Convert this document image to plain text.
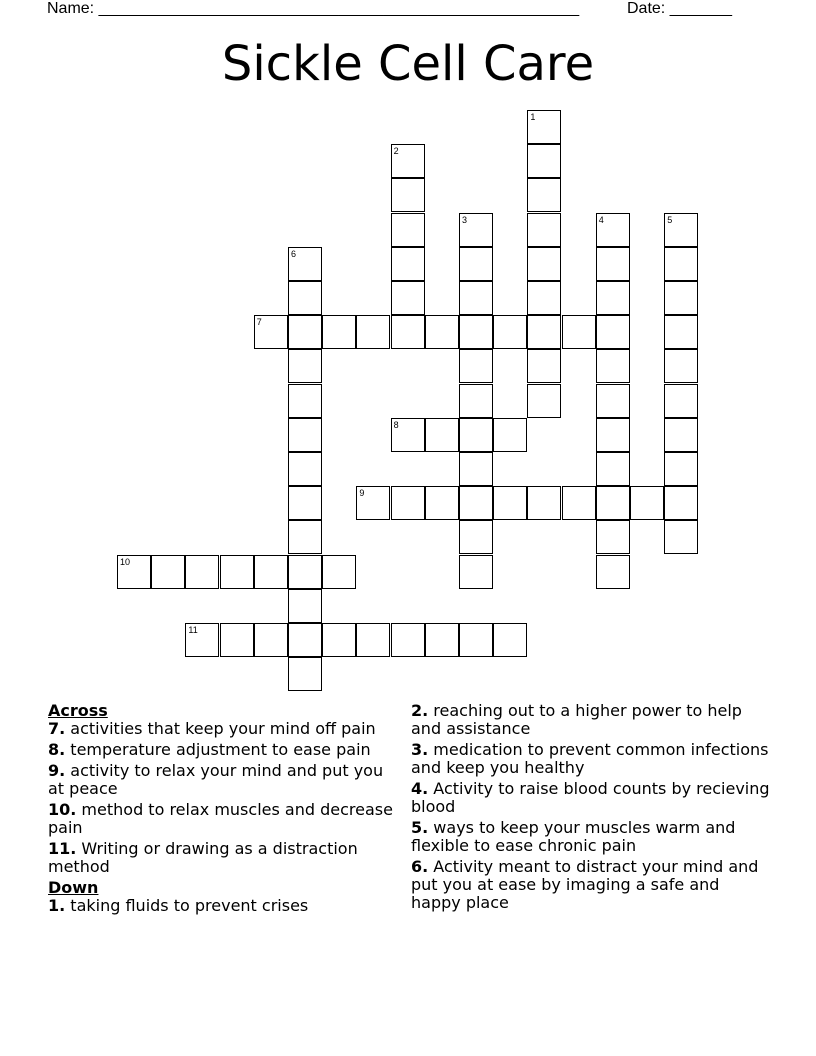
Name: ______________________________________________________	Date: _______
Sickle Cell Care
1
2
3	4	5
6
7
8
9
10
11

Across

7. activities that keep your mind off pain

8. temperature adjustment to ease pain

9. activity to relax your mind and put you at peace

10. method to relax muscles and decrease pain

11. Writing or drawing as a distraction method

Down

1. taking fluids to prevent crises

2. reaching out to a higher power to help and assistance

3. medication to prevent common infections and keep you healthy

4. Activity to raise blood counts by recieving blood

5. ways to keep your muscles warm and flexible to ease chronic pain

6. Activity meant to distract your mind and put you at ease by imaging a safe and happy place
